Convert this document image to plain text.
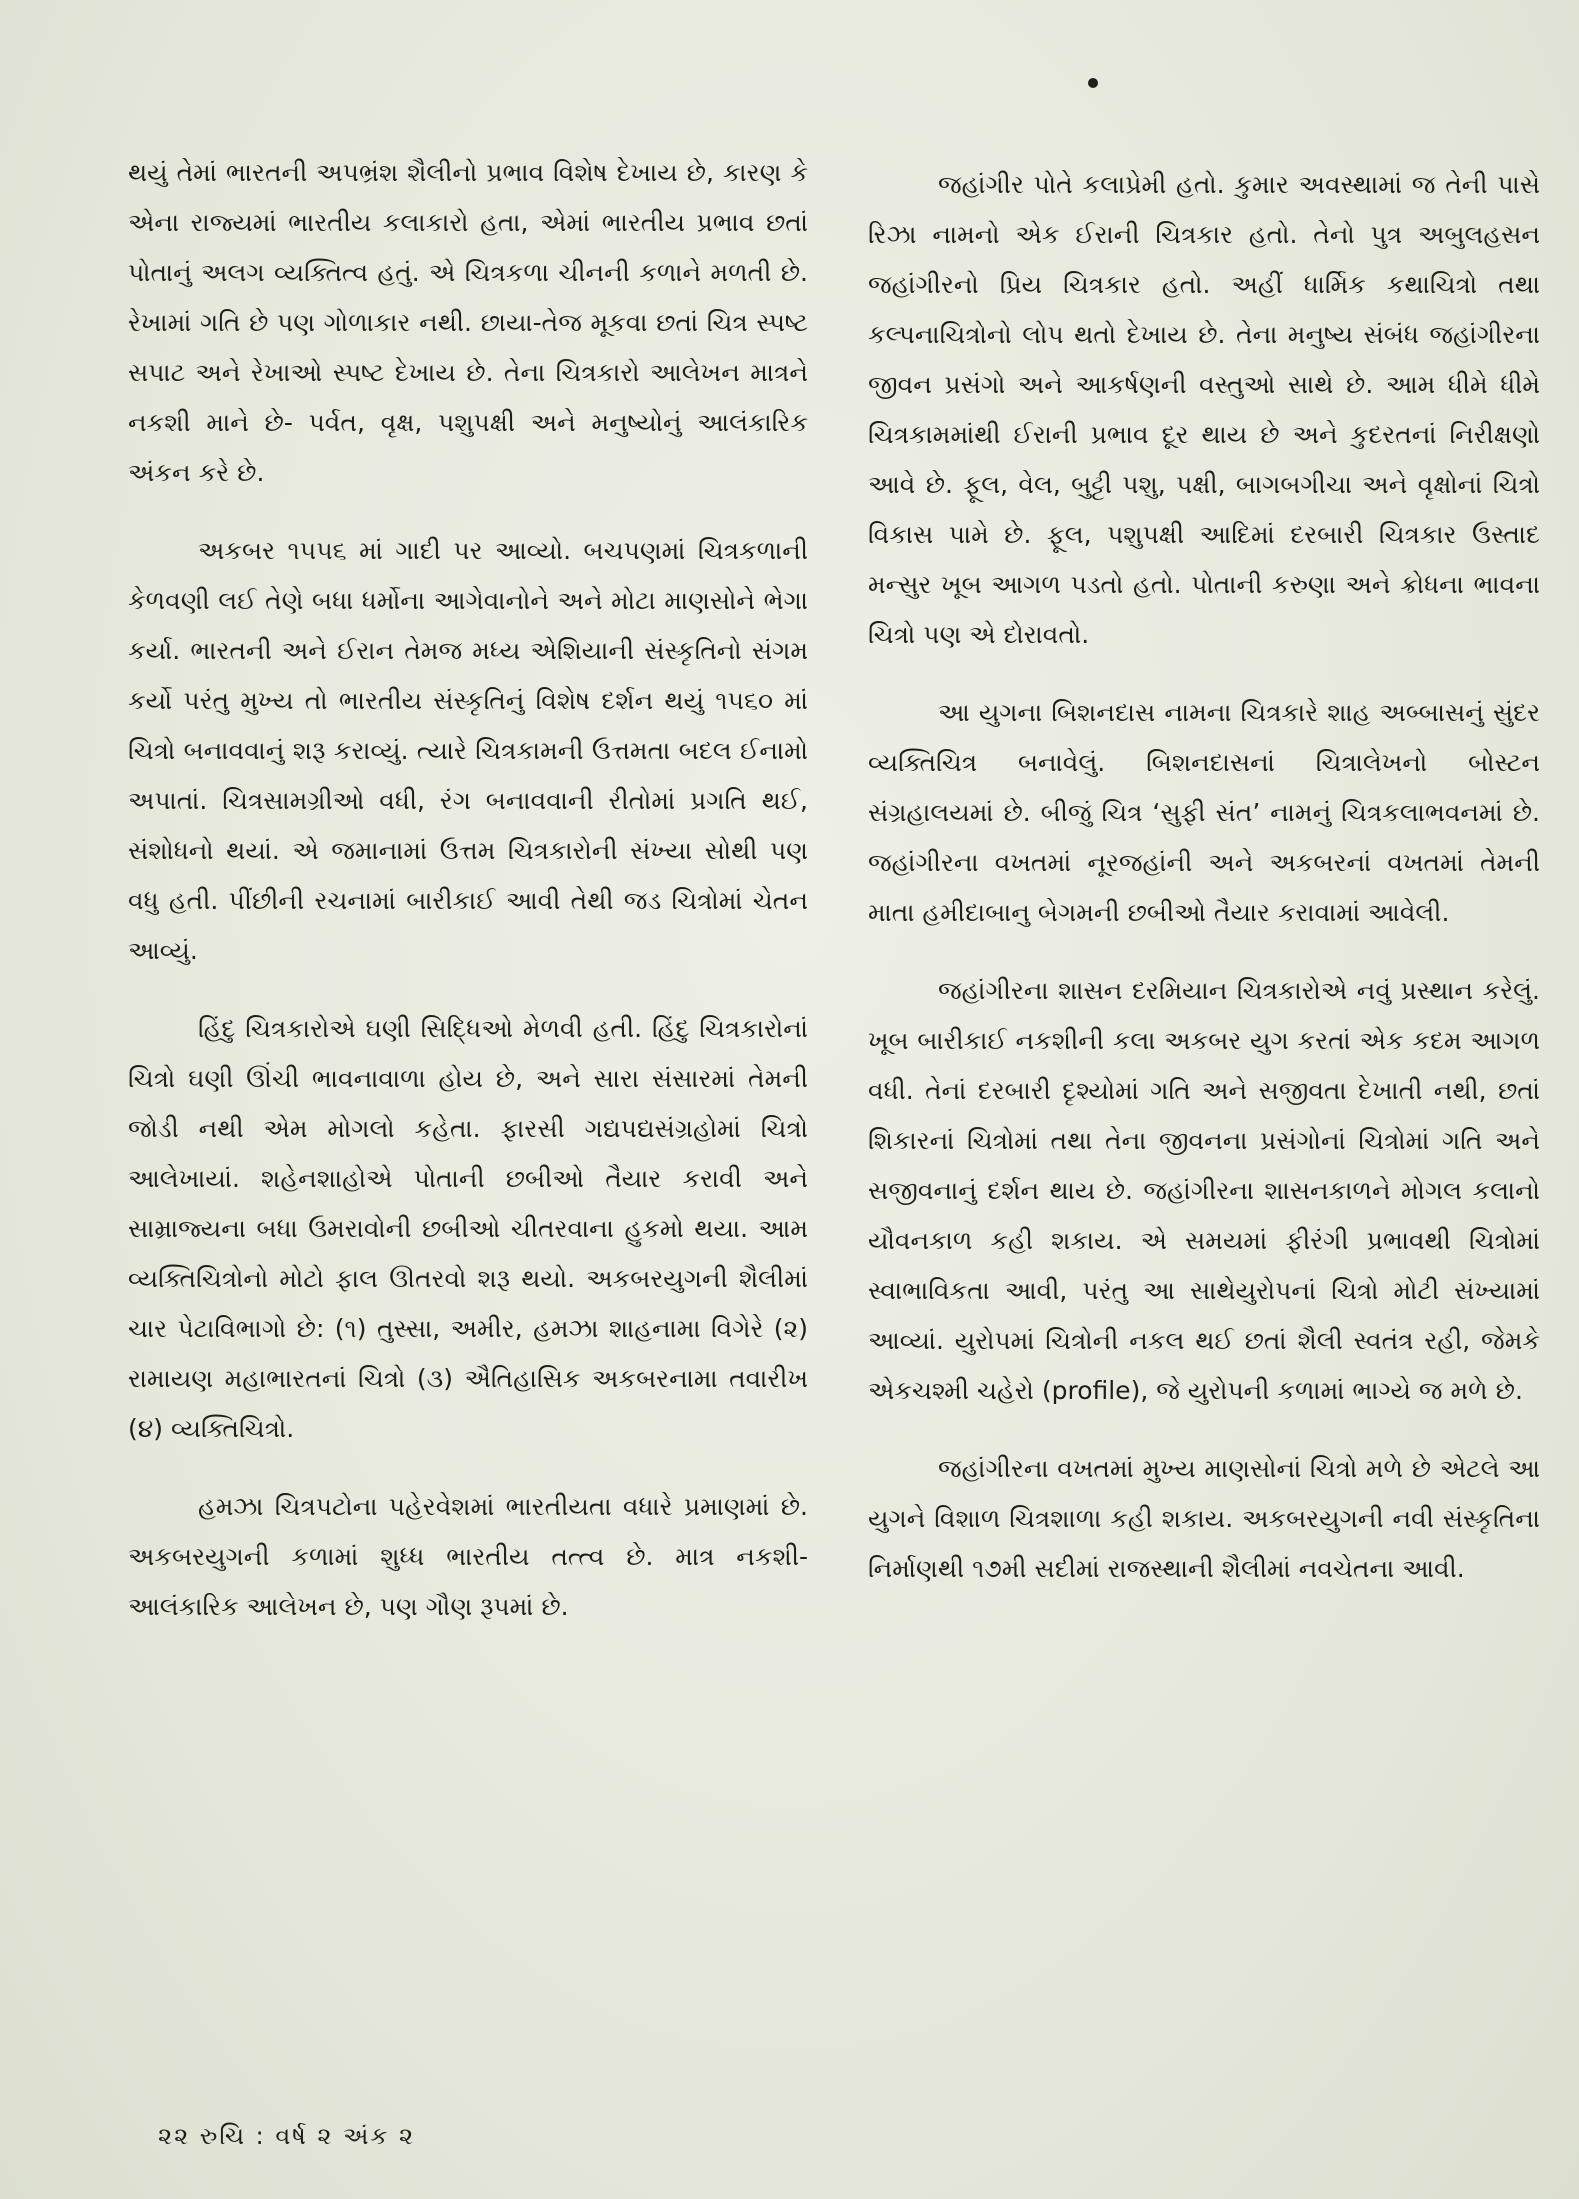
થયું તેમાં ભારતની અપભ્રંશ શૈલીનો પ્રભાવ વિશેષ દેખાય છે, કારણ કે એના રાજ્યમાં ભારતીય કલાકારો હતા, એમાં ભારતીય પ્રભાવ છતાં પોતાનું અલગ વ્યક્તિત્વ હતું. એ ચિત્રકળા ચીનની કળાને મળતી છે. રેખામાં ગતિ છે પણ ગોળાકાર નથી. છાયા-તેજ મૂકવા છતાં ચિત્ર સ્પષ્ટ સપાટ અને રેખાઓ સ્પષ્ટ દેખાય છે. તેના ચિત્રકારો આલેખન માત્રને નકશી માને છે- પર્વત, વૃક્ષ, પશુપક્ષી અને મનુષ્યોનું આલંકારિક અંકન કરે છે.

અકબર ૧૫૫૬ માં ગાદી પર આવ્યો. બચપણમાં ચિત્રકળાની કેળવણી લઈ તેણે બધા ધર્મોના આગેવાનોને અને મોટા માણસોને ભેગા કર્યા. ભારતની અને ઈરાન તેમજ મધ્ય એશિયાની સંસ્કૃતિનો સંગમ કર્યો પરંતુ મુખ્ય તો ભારતીય સંસ્કૃતિનું વિશેષ દર્શન થયું ૧૫૬૦ માં ચિત્રો બનાવવાનું શરૂ કરાવ્યું. ત્યારે ચિત્રકામની ઉત્તમતા બદલ ઈનામો અપાતાં. ચિત્રસામગ્રીઓ વધી, રંગ બનાવવાની રીતોમાં પ્રગતિ થઈ, સંશોધનો થયાં. એ જમાનામાં ઉત્તમ ચિત્રકારોની સંખ્યા સોથી પણ વધુ હતી. પીંછીની રચનામાં બારીકાઈ આવી તેથી જડ ચિત્રોમાં ચેતન આવ્યું.

હિંદુ ચિત્રકારોએ ઘણી સિદ્ધિઓ મેળવી હતી. હિંદુ ચિત્રકારોનાં ચિત્રો ઘણી ઊંચી ભાવનાવાળા હોય છે, અને સારા સંસારમાં તેમની જોડી નથી એમ મોગલો કહેતા. ફારસી ગદ્યપદ્યસંગ્રહોમાં ચિત્રો આલેખાયાં. શહેનશાહોએ પોતાની છબીઓ તૈયાર કરાવી અને સામ્રાજ્યના બધા ઉમરાવોની છબીઓ ચીતરવાના હુકમો થયા. આમ વ્યક્તિચિત્રોનો મોટો ફાલ ઊતરવો શરૂ થયો. અકબરયુગની શૈલીમાં ચાર પેટાવિભાગો છે: (૧) તુસ્સા, અમીર, હમઝા શાહનામા વિગેરે (૨) રામાયણ મહાભારતનાં ચિત્રો (૩) ઐતિહાસિક અકબરનામા તવારીખ (૪) વ્યક્તિચિત્રો.

હમઝા ચિત્રપટોના પહેરવેશમાં ભારતીયતા વધારે પ્રમાણમાં છે. અકબરયુગની કળામાં શુધ્ધ ભારતીય તત્ત્વ છે. માત્ર નકશી-આલંકારિક આલેખન છે, પણ ગૌણ રૂપમાં છે.

જહાંગીર પોતે કલાપ્રેમી હતો. કુમાર અવસ્થામાં જ તેની પાસે રિઝા નામનો એક ઈરાની ચિત્રકાર હતો. તેનો પુત્ર અબુલહસન જહાંગીરનો પ્રિય ચિત્રકાર હતો. અહીં ધાર્મિક કથાચિત્રો તથા કલ્પનાચિત્રોનો લોપ થતો દેખાય છે. તેના મનુષ્ય સંબંધ જહાંગીરના જીવન પ્રસંગો અને આકર્ષણની વસ્તુઓ સાથે છે. આમ ધીમે ધીમે ચિત્રકામમાંથી ઈરાની પ્રભાવ દૂર થાય છે અને કુદરતનાં નિરીક્ષણો આવે છે. ફૂલ, વેલ, બુટ્ટી પશુ, પક્ષી, બાગબગીચા અને વૃક્ષોનાં ચિત્રો વિકાસ પામે છે. ફૂલ, પશુપક્ષી આદિમાં દરબારી ચિત્રકાર ઉસ્તાદ મન્સુર ખૂબ આગળ પડતો હતો. પોતાની કરુણા અને ક્રોધના ભાવના ચિત્રો પણ એ દોરાવતો.

આ યુગના બિશનદાસ નામના ચિત્રકારે શાહ અબ્બાસનું સુંદર વ્યક્તિચિત્ર બનાવેલું. બિશનદાસનાં ચિત્રાલેખનો બોસ્ટન સંગ્રહાલયમાં છે. બીજું ચિત્ર ‘સુફી સંત’ નામનું ચિત્રકલાભવનમાં છે. જહાંગીરના વખતમાં નૂરજહાંની અને અકબરનાં વખતમાં તેમની માતા હમીદાબાનુ બેગમની છબીઓ તૈયાર કરાવામાં આવેલી.

જહાંગીરના શાસન દરમિયાન ચિત્રકારોએ નવું પ્રસ્થાન કરેલું. ખૂબ બારીકાઈ નકશીની કલા અકબર યુગ કરતાં એક કદમ આગળ વધી. તેનાં દરબારી દૃશ્યોમાં ગતિ અને સજીવતા દેખાતી નથી, છતાં શિકારનાં ચિત્રોમાં તથા તેના જીવનના પ્રસંગોનાં ચિત્રોમાં ગતિ અને સજીવનાનું દર્શન થાય છે. જહાંગીરના શાસનકાળને મોગલ કલાનો યૌવનકાળ કહી શકાય. એ સમયમાં ફીરંગી પ્રભાવથી ચિત્રોમાં સ્વાભાવિકતા આવી, પરંતુ આ સાથેયુરોપનાં ચિત્રો મોટી સંખ્યામાં આવ્યાં. યુરોપમાં ચિત્રોની નકલ થઈ છતાં શૈલી સ્વતંત્ર રહી, જેમકે એકચશ્મી ચહેરો (profile), જે યુરોપની કળામાં ભાગ્યે જ મળે છે.

જહાંગીરના વખતમાં મુખ્ય માણસોનાં ચિત્રો મળે છે એટલે આ યુગને વિશાળ ચિત્રશાળા કહી શકાય. અકબરયુગની નવી સંસ્કૃતિના નિર્માણથી ૧૭મી સદીમાં રાજસ્થાની શૈલીમાં નવચેતના આવી.

૨૨ રુચિ : વર્ષ ૨ અંક ૨
